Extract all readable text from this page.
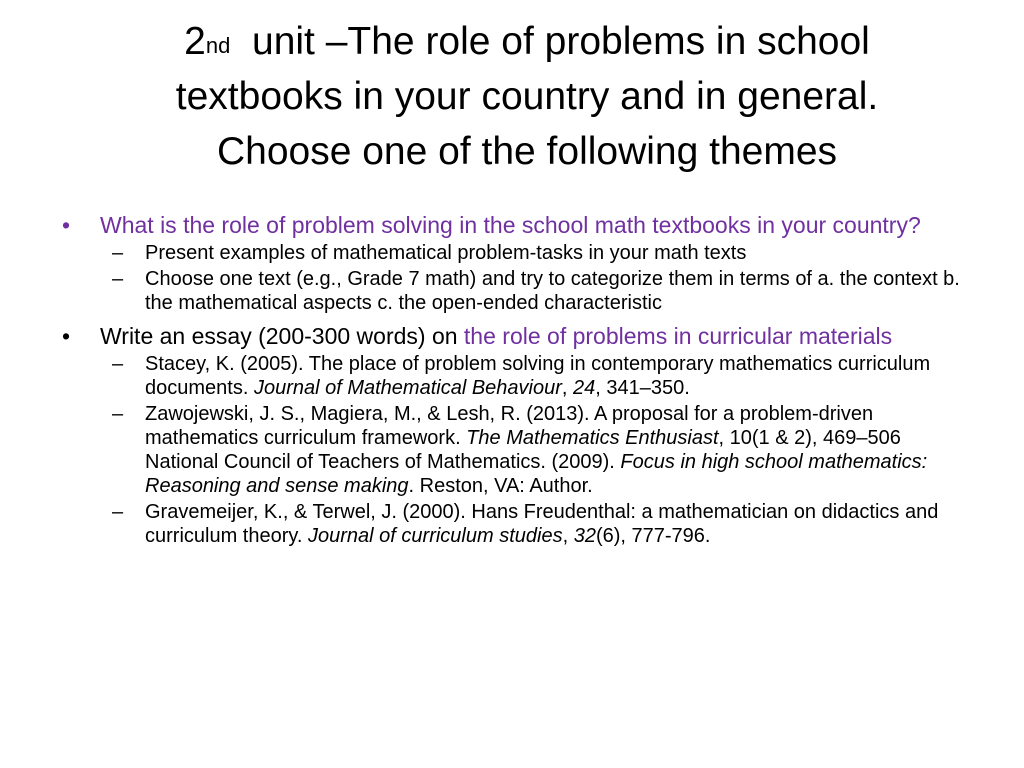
2nd unit –The role of problems in school
textbooks in your country and in general.
Choose one of the following themes
• What is the role of problem solving in the school math textbooks in your country?
– Present examples of mathematical problem-tasks in your math texts
– Choose one text (e.g., Grade 7 math) and try to categorize them in terms of a. the context b. the mathematical aspects c. the open-ended characteristic
• Write an essay (200-300 words) on the role of problems in curricular materials
– Stacey, K. (2005). The place of problem solving in contemporary mathematics curriculum documents. Journal of Mathematical Behaviour, 24, 341–350.
– Zawojewski, J. S., Magiera, M., & Lesh, R. (2013). A proposal for a problem-driven mathematics curriculum framework. The Mathematics Enthusiast, 10(1 & 2), 469–506 National Council of Teachers of Mathematics. (2009). Focus in high school mathematics: Reasoning and sense making. Reston, VA: Author.
– Gravemeijer, K., & Terwel, J. (2000). Hans Freudenthal: a mathematician on didactics and curriculum theory. Journal of curriculum studies, 32(6), 777-796.
